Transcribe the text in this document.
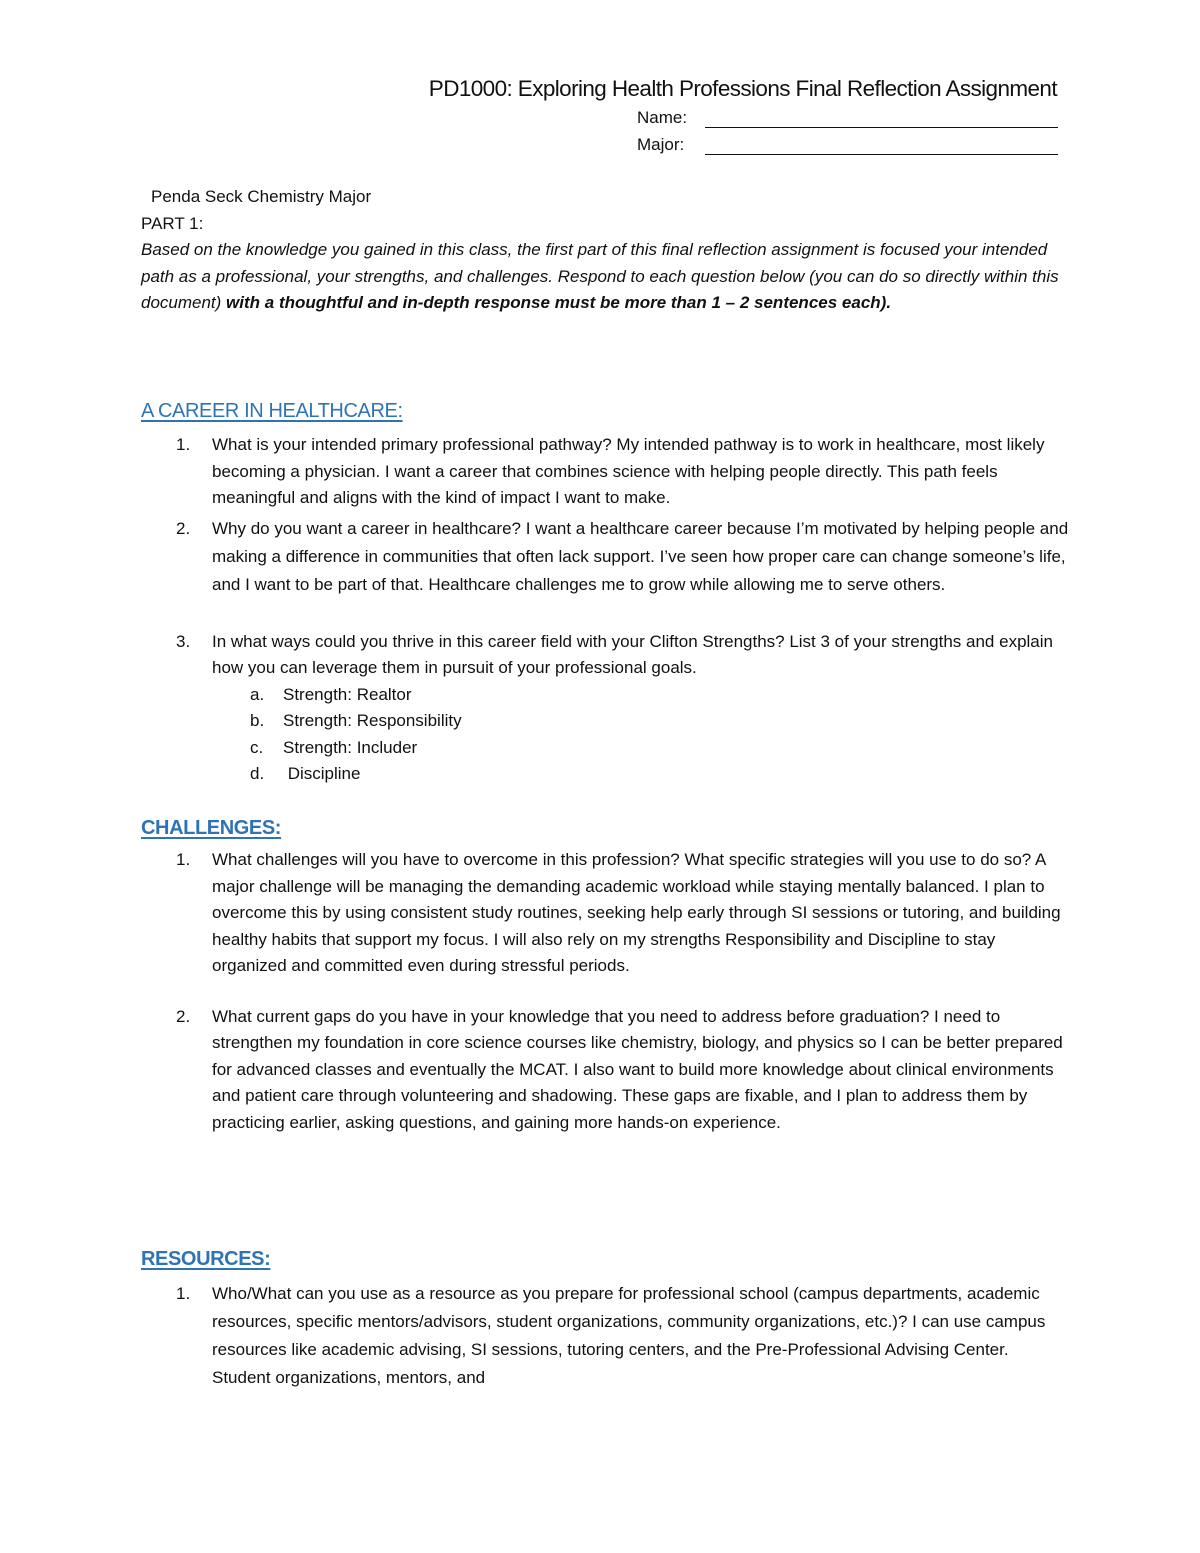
PD1000: Exploring Health Professions Final Reflection Assignment
Name:
Major:
Penda Seck Chemistry Major
PART 1:
Based on the knowledge you gained in this class, the first part of this final reflection assignment is focused your intended path as a professional, your strengths, and challenges. Respond to each question below (you can do so directly within this document) with a thoughtful and in-depth response must be more than 1 – 2 sentences each).
A CAREER IN HEALTHCARE:
1. What is your intended primary professional pathway? My intended pathway is to work in healthcare, most likely becoming a physician. I want a career that combines science with helping people directly. This path feels meaningful and aligns with the kind of impact I want to make.
2. Why do you want a career in healthcare? I want a healthcare career because I’m motivated by helping people and making a difference in communities that often lack support. I’ve seen how proper care can change someone’s life, and I want to be part of that. Healthcare challenges me to grow while allowing me to serve others.
3. In what ways could you thrive in this career field with your Clifton Strengths? List 3 of your strengths and explain how you can leverage them in pursuit of your professional goals.
a. Strength: Realtor
b. Strength: Responsibility
c. Strength: Includer
d. Discipline
CHALLENGES:
1. What challenges will you have to overcome in this profession? What specific strategies will you use to do so? A major challenge will be managing the demanding academic workload while staying mentally balanced. I plan to overcome this by using consistent study routines, seeking help early through SI sessions or tutoring, and building healthy habits that support my focus. I will also rely on my strengths Responsibility and Discipline to stay organized and committed even during stressful periods.
2. What current gaps do you have in your knowledge that you need to address before graduation? I need to strengthen my foundation in core science courses like chemistry, biology, and physics so I can be better prepared for advanced classes and eventually the MCAT. I also want to build more knowledge about clinical environments and patient care through volunteering and shadowing. These gaps are fixable, and I plan to address them by practicing earlier, asking questions, and gaining more hands-on experience.
RESOURCES:
1. Who/What can you use as a resource as you prepare for professional school (campus departments, academic resources, specific mentors/advisors, student organizations, community organizations, etc.)? I can use campus resources like academic advising, SI sessions, tutoring centers, and the Pre-Professional Advising Center. Student organizations, mentors, and
